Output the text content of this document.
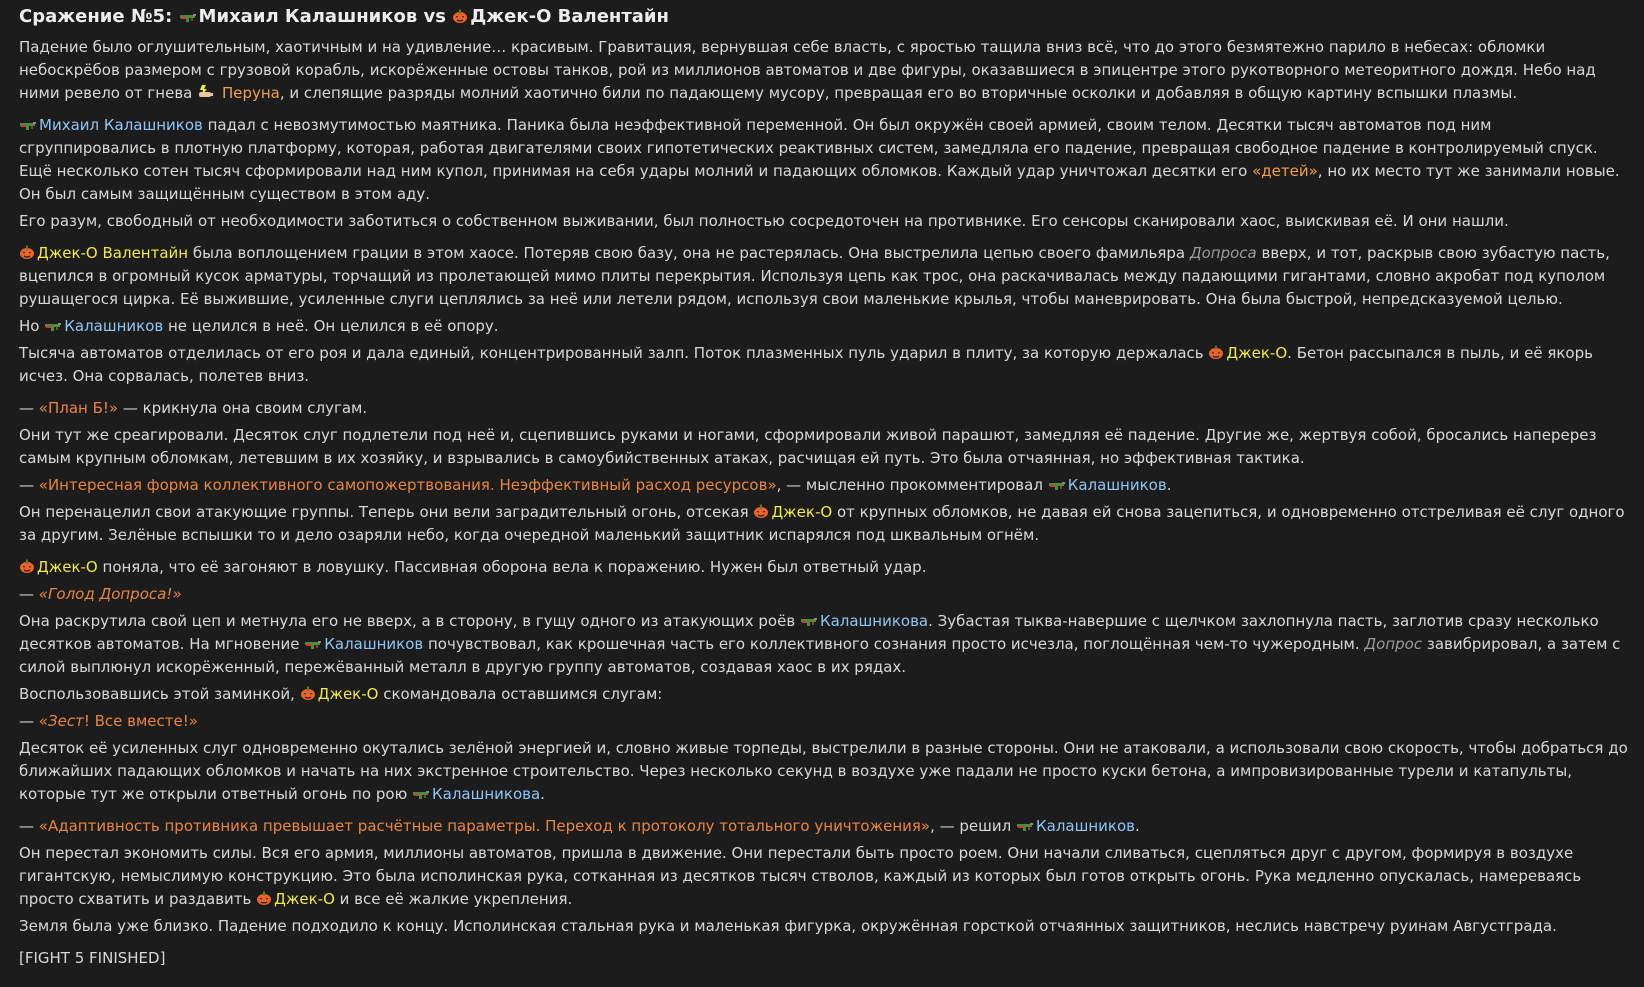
Сражение №5: Михаил Калашников vs Джек-О Валентайн

Падение было оглушительным, хаотичным и на удивление… красивым. Гравитация, вернувшая себе власть, с яростью тащила вниз всё, что до этого безмятежно парило в небесах: обломки небоскрёбов размером с грузовой корабль, искорёженные остовы танков, рой из миллионов автоматов и две фигуры, оказавшиеся в эпицентре этого рукотворного метеоритного дождя. Небо над ними ревело от гнева Перуна, и слепящие разряды молний хаотично били по падающему мусору, превращая его во вторичные осколки и добавляя в общую картину вспышки плазмы.

Михаил Калашников падал с невозмутимостью маятника. Паника была неэффективной переменной. Он был окружён своей армией, своим телом. Десятки тысяч автоматов под ним сгруппировались в плотную платформу, которая, работая двигателями своих гипотетических реактивных систем, замедляла его падение, превращая свободное падение в контролируемый спуск. Ещё несколько сотен тысяч сформировали над ним купол, принимая на себя удары молний и падающих обломков. Каждый удар уничтожал десятки его «детей», но их место тут же занимали новые. Он был самым защищённым существом в этом аду.

Его разум, свободный от необходимости заботиться о собственном выживании, был полностью сосредоточен на противнике. Его сенсоры сканировали хаос, выискивая её. И они нашли.

Джек-О Валентайн была воплощением грации в этом хаосе. Потеряв свою базу, она не растерялась. Она выстрелила цепью своего фамильяра Допроса вверх, и тот, раскрыв свою зубастую пасть, вцепился в огромный кусок арматуры, торчащий из пролетающей мимо плиты перекрытия. Используя цепь как трос, она раскачивалась между падающими гигантами, словно акробат под куполом рушащегося цирка. Её выжившие, усиленные слуги цеплялись за неё или летели рядом, используя свои маленькие крылья, чтобы маневрировать. Она была быстрой, непредсказуемой целью.

Но Калашников не целился в неё. Он целился в её опору.

Тысяча автоматов отделилась от его роя и дала единый, концентрированный залп. Поток плазменных пуль ударил в плиту, за которую держалась Джек-О. Бетон рассыпался в пыль, и её якорь исчез. Она сорвалась, полетев вниз.

— «План Б!» — крикнула она своим слугам.

Они тут же среагировали. Десяток слуг подлетели под неё и, сцепившись руками и ногами, сформировали живой парашют, замедляя её падение. Другие же, жертвуя собой, бросались наперерез самым крупным обломкам, летевшим в их хозяйку, и взрывались в самоубийственных атаках, расчищая ей путь. Это была отчаянная, но эффективная тактика.

— «Интересная форма коллективного самопожертвования. Неэффективный расход ресурсов», — мысленно прокомментировал Калашников.

Он перенацелил свои атакующие группы. Теперь они вели заградительный огонь, отсекая Джек-О от крупных обломков, не давая ей снова зацепиться, и одновременно отстреливая её слуг одного за другим. Зелёные вспышки то и дело озаряли небо, когда очередной маленький защитник испарялся под шквальным огнём.

Джек-О поняла, что её загоняют в ловушку. Пассивная оборона вела к поражению. Нужен был ответный удар.

— «Голод Допроса!»

Она раскрутила свой цеп и метнула его не вверх, а в сторону, в гущу одного из атакующих роёв Калашникова. Зубастая тыква-навершие с щелчком захлопнула пасть, заглотив сразу несколько десятков автоматов. На мгновение Калашников почувствовал, как крошечная часть его коллективного сознания просто исчезла, поглощённая чем-то чужеродным. Допрос завибрировал, а затем с силой выплюнул искорёженный, пережёванный металл в другую группу автоматов, создавая хаос в их рядах.

Воспользовавшись этой заминкой, Джек-О скомандовала оставшимся слугам:

— «Зест! Все вместе!»

Десяток её усиленных слуг одновременно окутались зелёной энергией и, словно живые торпеды, выстрелили в разные стороны. Они не атаковали, а использовали свою скорость, чтобы добраться до ближайших падающих обломков и начать на них экстренное строительство. Через несколько секунд в воздухе уже падали не просто куски бетона, а импровизированные турели и катапульты, которые тут же открыли ответный огонь по рою Калашникова.

— «Адаптивность противника превышает расчётные параметры. Переход к протоколу тотального уничтожения», — решил Калашников.

Он перестал экономить силы. Вся его армия, миллионы автоматов, пришла в движение. Они перестали быть просто роем. Они начали сливаться, сцепляться друг с другом, формируя в воздухе гигантскую, немыслимую конструкцию. Это была исполинская рука, сотканная из десятков тысяч стволов, каждый из которых был готов открыть огонь. Рука медленно опускалась, намереваясь просто схватить и раздавить Джек-О и все её жалкие укрепления.

Земля была уже близко. Падение подходило к концу. Исполинская стальная рука и маленькая фигурка, окружённая горсткой отчаянных защитников, неслись навстречу руинам Августграда.

[FIGHT 5 FINISHED]
